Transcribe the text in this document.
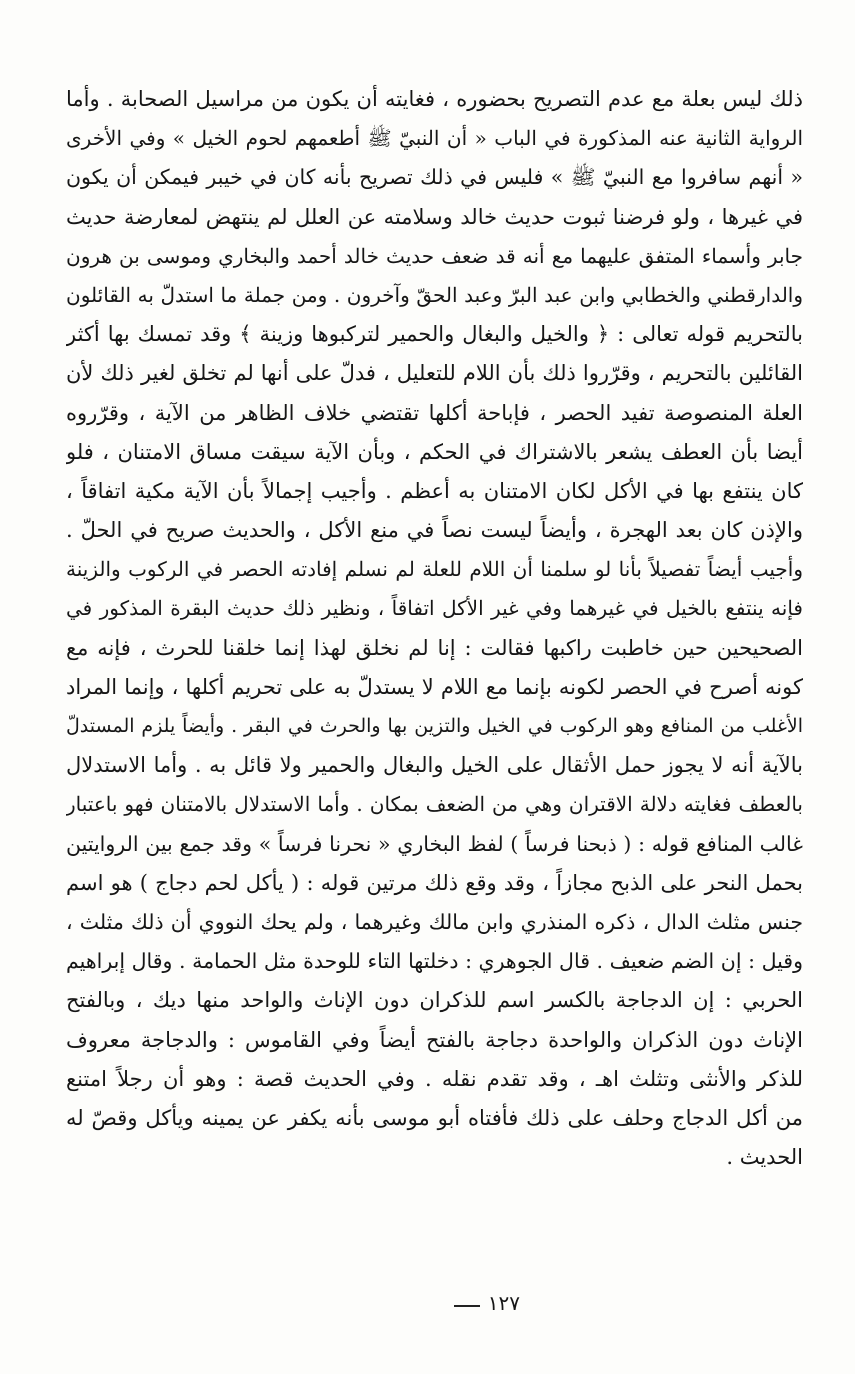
ذلك ليس بعلة مع عدم التصريح بحضوره ، فغايته أن يكون من مراسيل الصحابة . وأما
الرواية الثانية عنه المذكورة في الباب « أن النبيّ ﷺ أطعمهم لحوم الخيل » وفي الأخرى
« أنهم سافروا مع النبيّ ﷺ » فليس في ذلك تصريح بأنه كان في خيبر فيمكن أن يكون
في غيرها ، ولو فرضنا ثبوت حديث خالد وسلامته عن العلل لم ينتهض لمعارضة حديث
جابر وأسماء المتفق عليهما مع أنه قد ضعف حديث خالد أحمد والبخاري وموسى بن هرون
والدارقطني والخطابي وابن عبد البرّ وعبد الحقّ وآخرون . ومن جملة ما استدلّ به القائلون
بالتحريم قوله تعالى : ﴿ والخيل والبغال والحمير لتركبوها وزينة ﴾ وقد تمسك بها أكثر
القائلين بالتحريم ، وقرّروا ذلك بأن اللام للتعليل ، فدلّ على أنها لم تخلق لغير ذلك لأن
العلة المنصوصة تفيد الحصر ، فإباحة أكلها تقتضي خلاف الظاهر من الآية ، وقرّروه
أيضا بأن العطف يشعر بالاشتراك في الحكم ، وبأن الآية سيقت مساق الامتنان ، فلو
كان ينتفع بها في الأكل لكان الامتنان به أعظم . وأجيب إجمالاً بأن الآية مكية اتفاقاً ،
والإذن كان بعد الهجرة ، وأيضاً ليست نصاً في منع الأكل ، والحديث صريح في الحلّ .
وأجيب أيضاً تفصيلاً بأنا لو سلمنا أن اللام للعلة لم نسلم إفادته الحصر في الركوب والزينة
فإنه ينتفع بالخيل في غيرهما وفي غير الأكل اتفاقاً ، ونظير ذلك حديث البقرة المذكور في
الصحيحين حين خاطبت راكبها فقالت : إنا لم نخلق لهذا إنما خلقنا للحرث ، فإنه مع
كونه أصرح في الحصر لكونه بإنما مع اللام لا يستدلّ به على تحريم أكلها ، وإنما المراد
الأغلب من المنافع وهو الركوب في الخيل والتزين بها والحرث في البقر . وأيضاً يلزم المستدلّ
بالآية أنه لا يجوز حمل الأثقال على الخيل والبغال والحمير ولا قائل به . وأما الاستدلال
بالعطف فغايته دلالة الاقتران وهي من الضعف بمكان . وأما الاستدلال بالامتنان فهو باعتبار
غالب المنافع قوله : ( ذبحنا فرساً ) لفظ البخاري « نحرنا فرساً » وقد جمع بين الروايتين
بحمل النحر على الذبح مجازاً ، وقد وقع ذلك مرتين قوله : ( يأكل لحم دجاج ) هو اسم
جنس مثلث الدال ، ذكره المنذري وابن مالك وغيرهما ، ولم يحك النووي أن ذلك مثلث ،
وقيل : إن الضم ضعيف . قال الجوهري : دخلتها التاء للوحدة مثل الحمامة . وقال إبراهيم
الحربي : إن الدجاجة بالكسر اسم للذكران دون الإناث والواحد منها ديك ، وبالفتح
الإناث دون الذكران والواحدة دجاجة بالفتح أيضاً وفي القاموس : والدجاجة معروف
للذكر والأنثى وتثلث اهـ ، وقد تقدم نقله . وفي الحديث قصة : وهو أن رجلاً امتنع
من أكل الدجاج وحلف على ذلك فأفتاه أبو موسى بأنه يكفر عن يمينه ويأكل وقصّ له
الحديث .
١٢٧
